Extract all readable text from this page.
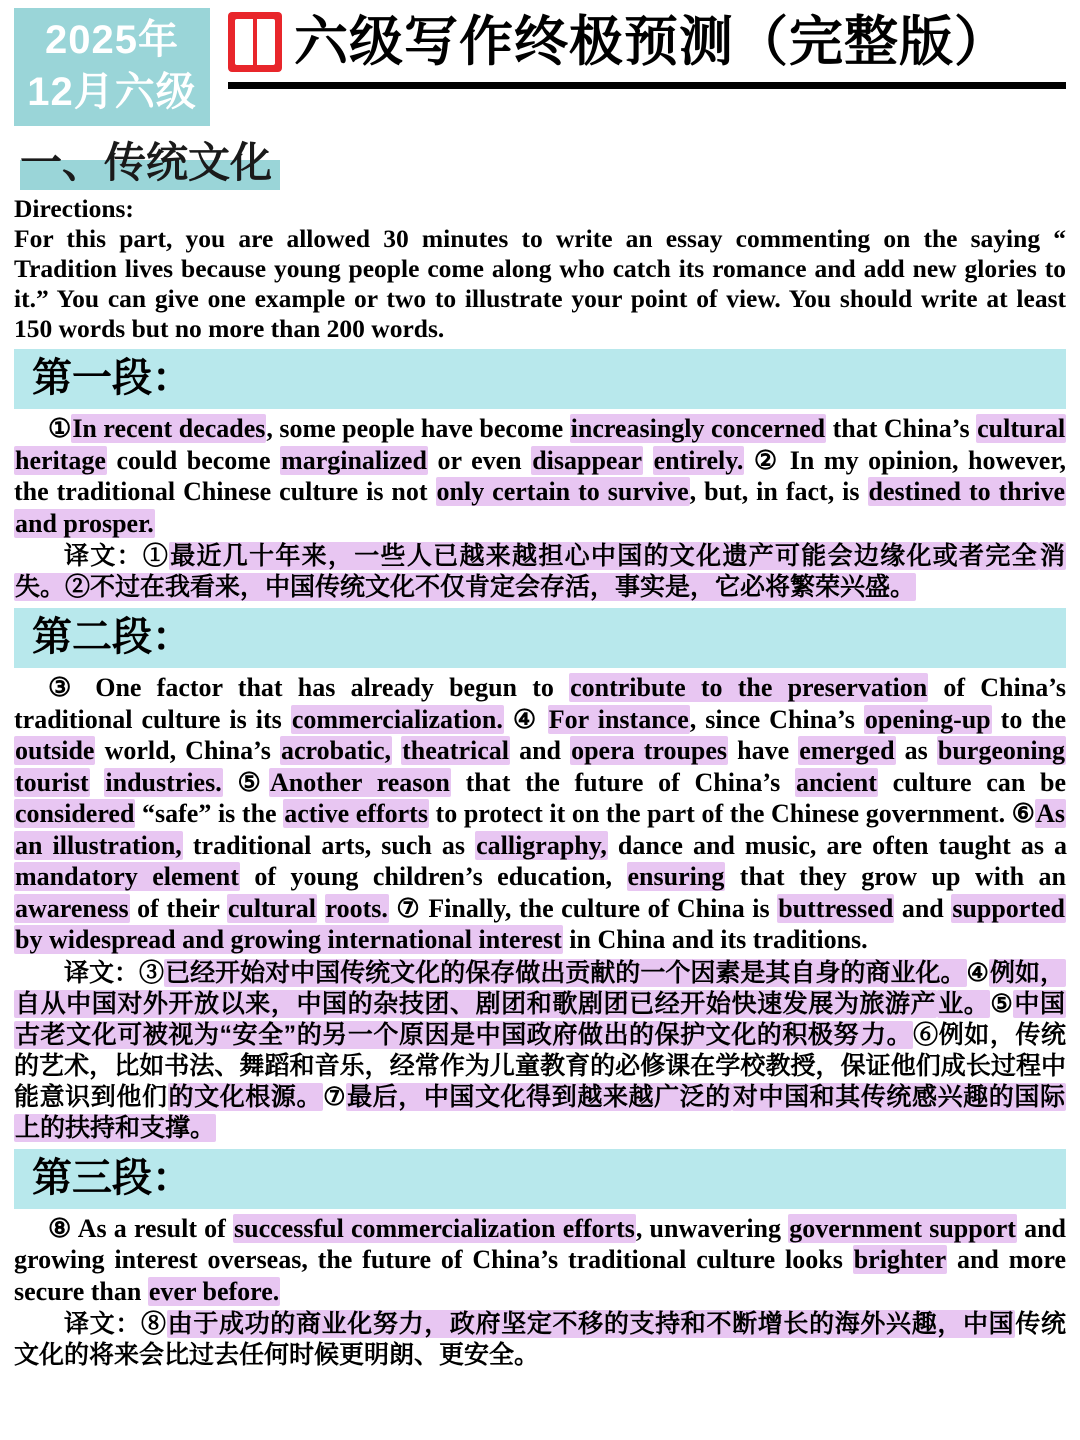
2025年
12月六级
六级写作终极预测（完整版）
一、传统文化
Directions:
For this part, you are allowed 30 minutes to write an essay commenting on the saying “ Tradition lives because young people come along who catch its romance and add new glories to it.” You can give one example or two to illustrate your point of view. You should write at least 150 words but no more than 200 words.
第一段：
①In recent decades, some people have become increasingly concerned that China’s cultural heritage could become marginalized or even disappear entirely. ② In my opinion, however, the traditional Chinese culture is not only certain to survive, but, in fact, is destined to thrive and prosper.
译文：①最近几十年来，一些人已越来越担心中国的文化遗产可能会边缘化或者完全消失。②不过在我看来，中国传统文化不仅肯定会存活，事实是，它必将繁荣兴盛。
第二段：
③ One factor that has already begun to contribute to the preservation of China’s traditional culture is its commercialization. ④ For instance, since China’s opening-up to the outside world, China’s acrobatic, theatrical and opera troupes have emerged as burgeoning tourist industries. ⑤Another reason that the future of China’s ancient culture can be considered “safe” is the active efforts to protect it on the part of the Chinese government. ⑥As an illustration, traditional arts, such as calligraphy, dance and music, are often taught as a mandatory element of young children’s education, ensuring that they grow up with an awareness of their cultural roots. ⑦ Finally, the culture of China is buttressed and supported by widespread and growing international interest in China and its traditions.
译文：③已经开始对中国传统文化的保存做出贡献的一个因素是其自身的商业化。④例如，自从中国对外开放以来，中国的杂技团、剧团和歌剧团已经开始快速发展为旅游产业。⑤中国古老文化可被视为“安全”的另一个原因是中国政府做出的保护文化的积极努力。⑥例如，传统的艺术，比如书法、舞蹈和音乐，经常作为儿童教育的必修课在学校教授，保证他们成长过程中能意识到他们的文化根源。⑦最后，中国文化得到越来越广泛的对中国和其传统感兴趣的国际上的扶持和支撑。
第三段：
⑧ As a result of successful commercialization efforts, unwavering government support and growing interest overseas, the future of China’s traditional culture looks brighter and more secure than ever before.
译文：⑧由于成功的商业化努力，政府坚定不移的支持和不断增长的海外兴趣，中国传统文化的将来会比过去任何时候更明朗、更安全。
